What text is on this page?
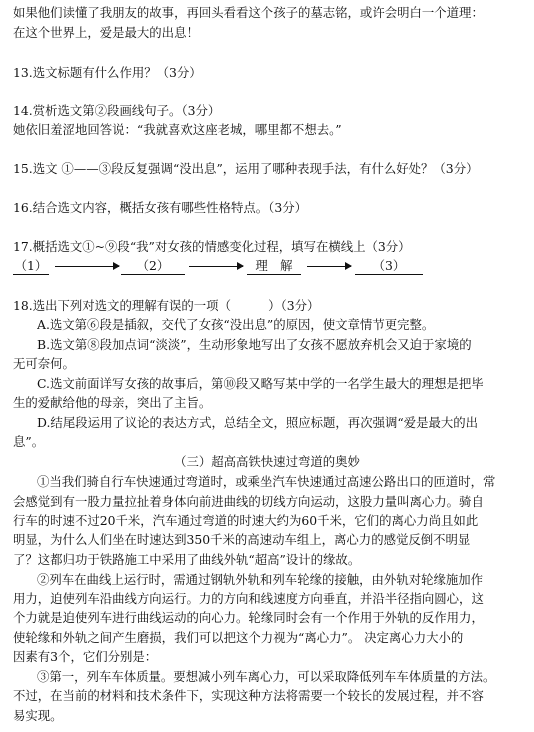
如果他们读懂了我朋友的故事，再回头看看这个孩子的墓志铭，或许会明白一个道理：
在这个世界上，爱是最大的出息！
13.选文标题有什么作用？（3分）
14.赏析选文第②段画线句子。（3分）
她依旧羞涩地回答说：“我就喜欢这座老城，哪里都不想去。”
15.选文 ①——③段反复强调“没出息”，运用了哪种表现手法，有什么好处？（3分）
16.结合选文内容，概括女孩有哪些性格特点。（3分）
17.概括选文①~⑨段“我”对女孩的情感变化过程，填写在横线上（3分）
（1）	（2）	理　解	（3）
18.选出下列对选文的理解有误的一项（　　　）（3分）
A.选文第⑥段是插叙，交代了女孩“没出息”的原因，使文章情节更完整。
B.选文第⑧段加点词“淡淡”，生动形象地写出了女孩不愿放弃机会又迫于家境的
无可奈何。
C.选文前面详写女孩的故事后，第⑩段又略写某中学的一名学生最大的理想是把毕
生的爱献给他的母亲，突出了主旨。
D.结尾段运用了议论的表达方式，总结全文，照应标题，再次强调“爱是最大的出
息”。
（三）超高高铁快速过弯道的奥妙
①当我们骑自行车快速通过弯道时，或乘坐汽车快速通过高速公路出口的匝道时，常
会感觉到有一股力量拉扯着身体向前进曲线的切线方向运动，这股力量叫离心力。骑自
行车的时速不过20千米，汽车通过弯道的时速大约为60千米，它们的离心力尚且如此
明显，为什么人们坐在时速达到350千米的高速动车组上，离心力的感觉反倒不明显
了？这都归功于铁路施工中采用了曲线外轨“超高”设计的缘故。
②列车在曲线上运行时，需通过钢轨外轨和列车轮缘的接触，由外轨对轮缘施加作
用力，迫使列车沿曲线方向运行。力的方向和线速度方向垂直，并沿半径指向圆心，这
个力就是迫使列车进行曲线运动的向心力。轮缘同时会有一个作用于外轨的反作用力，
使轮缘和外轨之间产生磨损，我们可以把这个力视为“离心力”。 决定离心力大小的
因素有3个，它们分别是：
③第一，列车车体质量。要想减小列车离心力，可以采取降低列车车体质量的方法。
不过，在当前的材料和技术条件下，实现这种方法将需要一个较长的发展过程，并不容
易实现。
